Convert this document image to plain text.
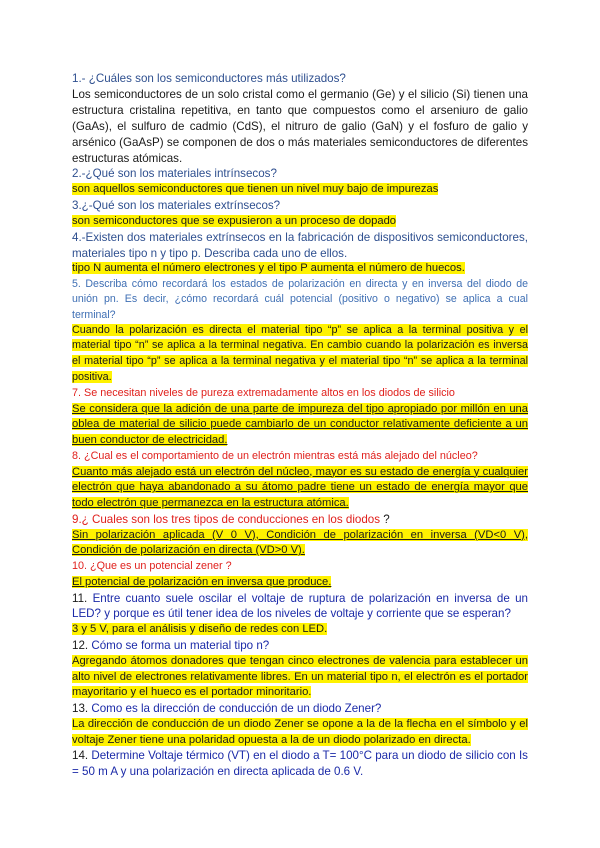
1.- ¿Cuáles son los semiconductores más utilizados?

Los semiconductores de un solo cristal como el germanio (Ge) y el silicio (Si) tienen una estructura cristalina repetitiva, en tanto que compuestos como el arseniuro de galio (GaAs), el sulfuro de cadmio (CdS), el nitruro de galio (GaN) y el fosfuro de galio y arsénico (GaAsP) se componen de dos o más materiales semiconductores de diferentes estructuras atómicas.

2.-¿Qué son los materiales intrínsecos?

son aquellos semiconductores que tienen un nivel muy bajo de impurezas

3.¿-Qué son los materiales extrínsecos?

son semiconductores que se expusieron a un proceso de dopado

4.-Existen dos materiales extrínsecos en la fabricación de dispositivos semiconductores, materiales tipo n y tipo p. Describa cada uno de ellos.

tipo N aumenta el número electrones y el tipo P aumenta el número de huecos.

5. Describa cómo recordará los estados de polarización en directa y en inversa del diodo de unión pn. Es decir, ¿cómo recordará cuál potencial (positivo o negativo) se aplica a cual terminal?

Cuando la polarización es directa el material tipo “p” se aplica a la terminal positiva y el material tipo “n” se aplica a la terminal negativa. En cambio cuando la polarización es inversa el material tipo “p” se aplica a la terminal negativa y el material tipo “n” se aplica a la terminal positiva.

7. Se necesitan niveles de pureza extremadamente altos en los diodos de silicio

Se considera que la adición de una parte de impureza del tipo apropiado por millón en una oblea de material de silicio puede cambiarlo de un conductor relativamente deficiente a un buen conductor de electricidad.

8. ¿Cual es el comportamiento de un electrón mientras está más alejado del núcleo?

Cuanto más alejado está un electrón del núcleo, mayor es su estado de energía y cualquier electrón que haya abandonado a su átomo padre tiene un estado de energía mayor que todo electrón que permanezca en la estructura atómica.

9.¿ Cuales son los tres tipos de conducciones en los diodos ?

Sin polarización aplicada (V 0 V), Condición de polarización en inversa (VD<0 V), Condición de polarización en directa (VD>0 V).

10. ¿Que es un potencial zener ?

El potencial de polarización en inversa que produce.

11. Entre cuanto suele oscilar el voltaje de ruptura de polarización en inversa de un LED? y porque es útil tener idea de los niveles de voltaje y corriente que se esperan?

3 y 5 V, para el análisis y diseño de redes con LED.

12. Cómo se forma un material tipo n?

Agregando átomos donadores que tengan cinco electrones de valencia para establecer un alto nivel de electrones relativamente libres. En un material tipo n, el electrón es el portador mayoritario y el hueco es el portador minoritario.

13. Como es la dirección de conducción de un diodo Zener?

La dirección de conducción de un diodo Zener se opone a la de la flecha en el símbolo y el voltaje Zener tiene una polaridad opuesta a la de un diodo polarizado en directa.

14. Determine Voltaje térmico (VT) en el diodo a T= 100°C para un diodo de silicio con Is = 50 m A y una polarización en directa aplicada de 0.6 V.
